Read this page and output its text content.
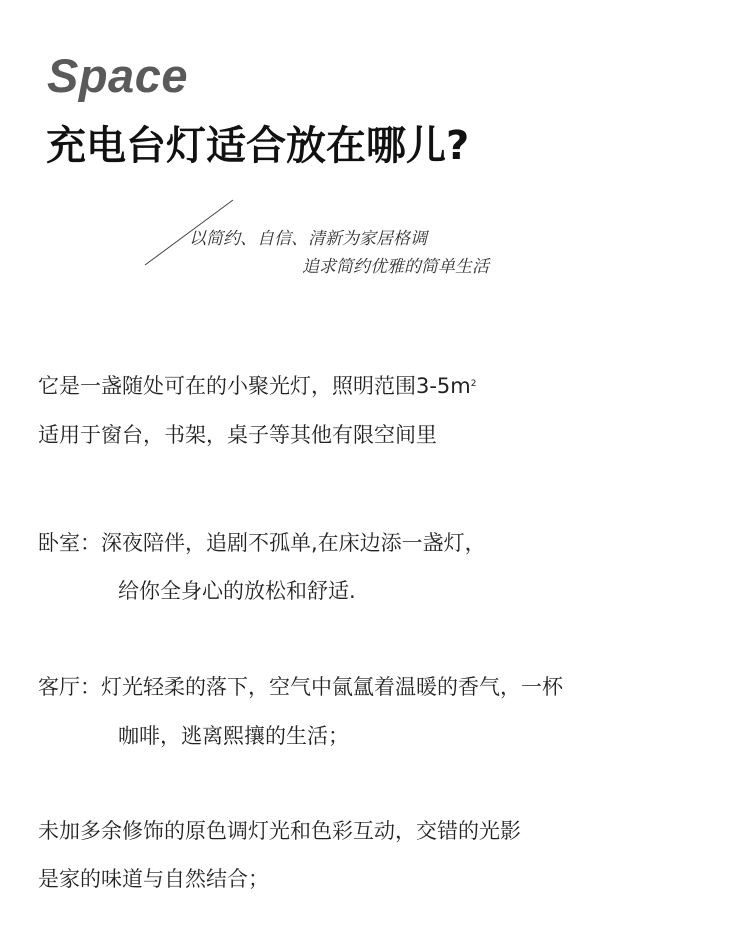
Space
充电台灯适合放在哪儿?
以简约、自信、清新为家居格调
追求简约优雅的简单生活
它是一盏随处可在的小聚光灯，照明范围$3-5m^2$
适用于窗台，书架，桌子等其他有限空间里
卧室：深夜陪伴，追剧不孤单,在床边添一盏灯，
给你全身心的放松和舒适.
客厅：灯光轻柔的落下，空气中氤氲着温暖的香气，一杯
咖啡，逃离熙攘的生活；
未加多余修饰的原色调灯光和色彩互动，交错的光影
是家的味道与自然结合；
